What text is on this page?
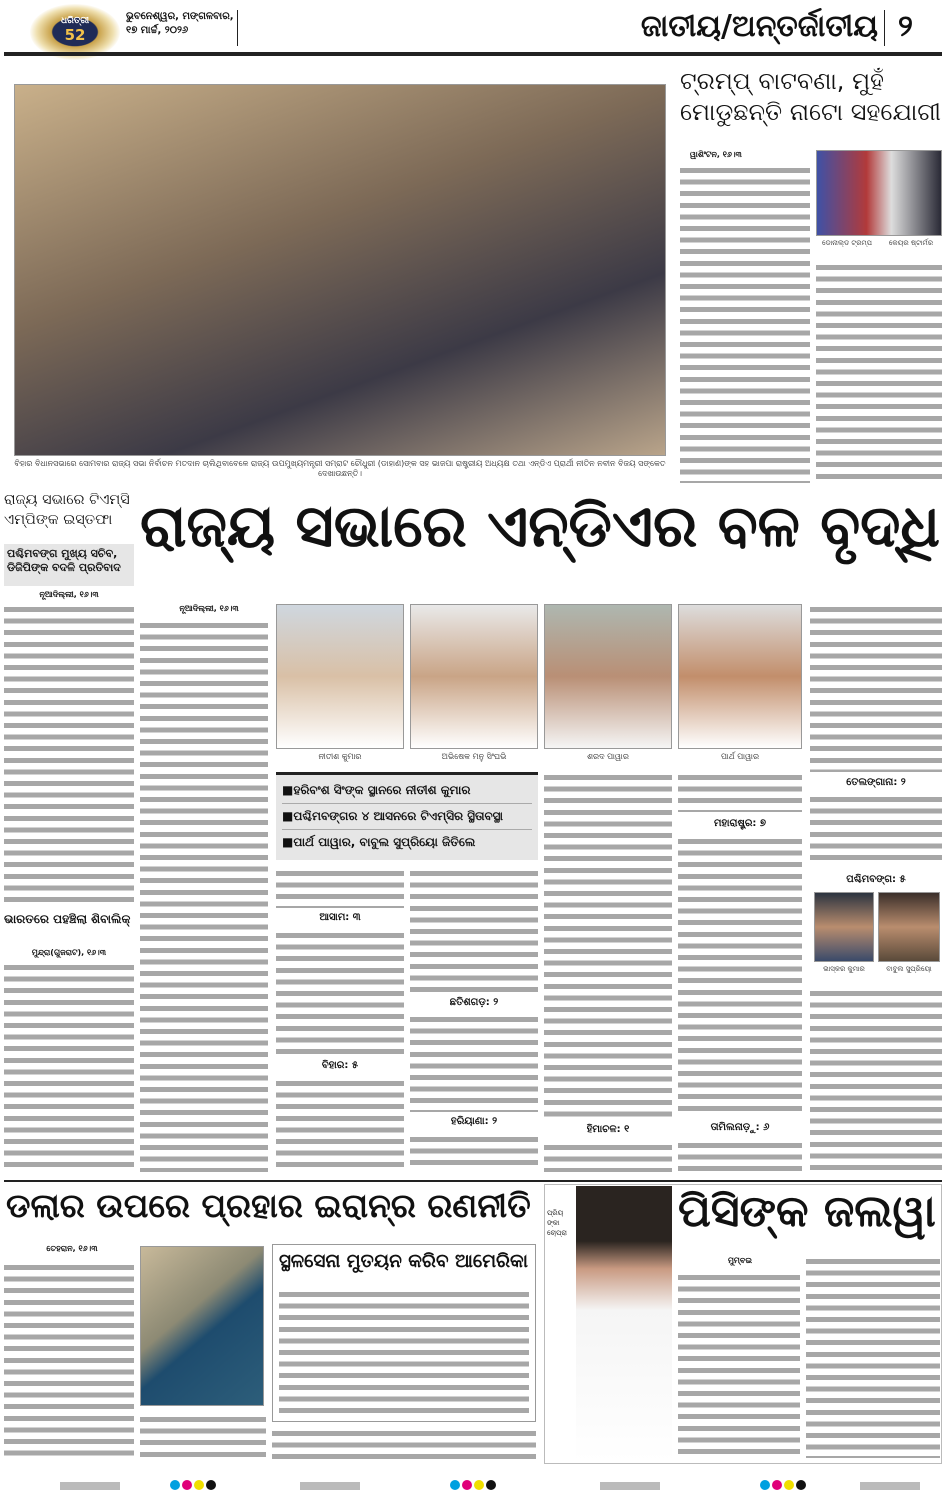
ଧରିତ୍ରୀ
52
ଭୁବନେଶ୍ୱର, ମଙ୍ଗଳବାର,
୧୭ ମାର୍ଚ୍ଚ, ୨୦୨୬	ଜାତୀୟ/ଅନ୍ତର୍ଜାତୀୟ ୨
ବିହାର ବିଧାନସଭାରେ ସୋମବାର ରାଜ୍ୟ ସଭା ନିର୍ବାଚନ ମତଦାନ ଚାଲିଥିବାବେଳେ ରାଜ୍ୟ ଉପମୁଖ୍ୟମନ୍ତ୍ରୀ ସମ୍ରାଟ ଚୌଧୁରୀ (ଡାହାଣ)ଙ୍କ ସହ ଭାଜପା ରାଷ୍ଟ୍ରୀୟ ଅଧ୍ୟକ୍ଷ ତଥା ଏନ୍‌ଡିଏ ପ୍ରାର୍ଥୀ ନୀତିନ ନବୀନ ବିଜୟ ସଙ୍କେତ ଦେଖାଉଛନ୍ତି।
ଟ୍ରମ୍ପ୍ ବାଟବଣା, ମୁହଁ ମୋଡୁଛନ୍ତି ନାଟୋ ସହଯୋଗୀ
ୱାଶିଂଟନ, ୧୬।୩
ଡୋନାଲ୍ଡ ଟ୍ରମ୍ପ	କେୟର ଷ୍ଟାର୍ମର
ରାଜ୍ୟ ସଭାରେ ଟିଏମ୍‌ସି ଏମ୍‌ପିଙ୍କ ଇସ୍ତଫା
ପଶ୍ଚିମବଙ୍ଗ ମୁଖ୍ୟ ସଚିବ, ଡିଜିପିଙ୍କ ବଦଳି ପ୍ରତିବାଦ
ନୂଆଦିଲ୍ଲୀ, ୧୬।୩
ରାଜ୍ୟ ସଭାରେ ଏନ୍‌ଡିଏର ବଳ ବୃଦ୍ଧି
ନୂଆଦିଲ୍ଲୀ, ୧୬।୩
ନୀତୀଶ କୁମାର	ଅଭିଷେକ ମନୁ ସିଂଘଭି	ଶରଦ ପାୱାର	ପାର୍ଥ ପାୱାର
■ହରିବଂଶ ସିଂଙ୍କ ସ୍ଥାନରେ ନୀତୀଶ କୁମାର
■ପଶ୍ଚିମବଙ୍ଗର ୪ ଆସନରେ ଟିଏମ୍‌ସିର ସ୍ଥିତାବସ୍ଥା
■ପାର୍ଥ ପାୱାର, ବାବୁଲ ସୁପ୍ରିୟୋ ଜିତିଲେ
ମହାରାଷ୍ଟ୍ର: ୭
ତାମିଲନାଡ଼ୁ: ୬
ଆସାମ: ୩
ବିହାର: ୫
ଛତିଶଗଡ଼: ୨
ହରିୟାଣା: ୨
ହିମାଚଳ: ୧
ତେଲଙ୍ଗାନା: ୨
ପଶ୍ଚିମବଙ୍ଗ: ୫
ଭାସ୍କର କୁମାର	ବାବୁଲ ସୁପ୍ରିୟୋ
ଭାରତରେ ପହଞ୍ଚିଲା ଶିବାଲିକ୍
ମୁନ୍ଦ୍ରା(ଗୁଜରାଟ), ୧୬।୩
ଡଲାର ଉପରେ ପ୍ରହାର ଇରାନ୍‌ର ରଣନୀତି
ତେହରାନ, ୧୬।୩
ସ୍ଥଳସେନା ମୁତୟନ କରିବ ଆମେରିକା
ପ୍ରିୟଙ୍କା ଚୋପ୍ରା	ପିସିଙ୍କ ଜଲୱା
ମୁମ୍ବଇ
